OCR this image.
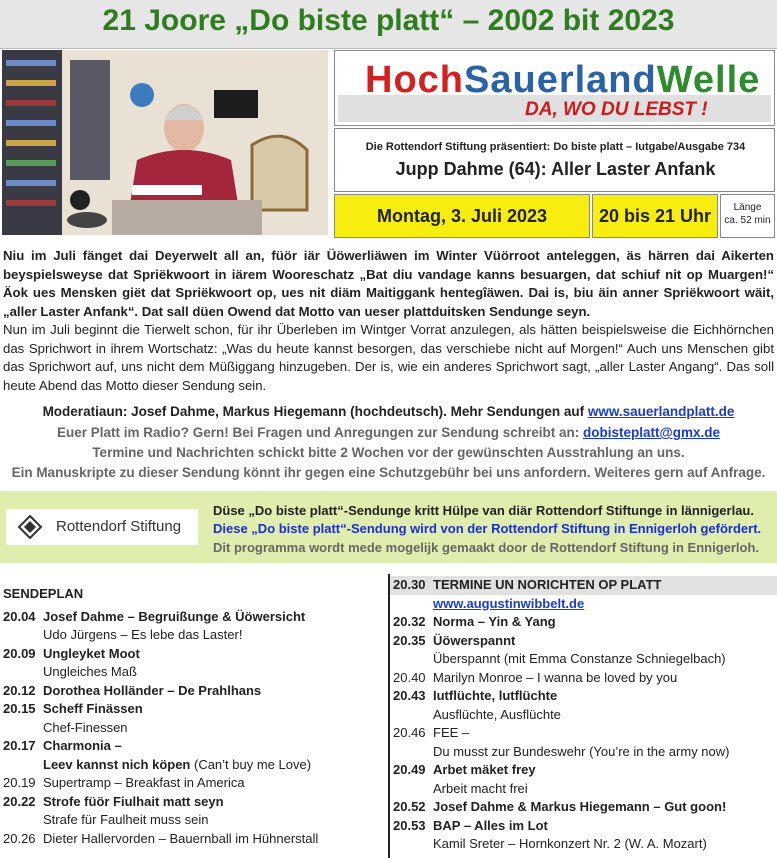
21 Joore „Do biste platt“ – 2002 bit 2023
HochSauerlandWelle
DA, WO DU LEBST !
Die Rottendorf Stiftung präsentiert: Do biste platt – Iutgabe/Ausgabe 734
Jupp Dahme (64): Aller Laster Anfank
Montag, 3. Juli 2023	20 bis 21 Uhr	Länge
ca. 52 min
Niu im Juli fänget dai Deyerwelt all an, füör iär Üöwerliäwen im Winter Vüörroot anteleggen, äs härren dai Aikerten beyspielsweyse dat Spriëkwoort in iärem Wooreschatz „Bat diu vandage kanns besuargen, dat schiuf nit op Muargen!“ Äok ues Mensken giët dat Spriëkwoort op, ues nit diäm Maitiggank hentegîäwen. Dai is, biu äin anner Spriëkwoort wäit, „aller Laster Anfank“. Dat sall düen Owend dat Motto van ueser plattduitsken Sendunge seyn.
Nun im Juli beginnt die Tierwelt schon, für ihr Überleben im Wintger Vorrat anzulegen, als hätten beispielsweise die Eichhörnchen das Sprichwort in ihrem Wortschatz: „Was du heute kannst besorgen, das verschiebe nicht auf Morgen!“ Auch uns Menschen gibt das Sprichwort auf, uns nicht dem Müßiggang hinzugeben. Der is, wie ein anderes Sprichwort sagt, „aller Laster Angang“. Das soll heute Abend das Motto dieser Sendung sein.
Moderatiaun: Josef Dahme, Markus Hiegemann (hochdeutsch). Mehr Sendungen auf www.sauerlandplatt.de
Euer Platt im Radio? Gern! Bei Fragen und Anregungen zur Sendung schreibt an: dobisteplatt@gmx.de
Termine und Nachrichten schickt bitte 2 Wochen vor der gewünschten Ausstrahlung an uns.
Ein Manuskripte zu dieser Sendung könnt ihr gegen eine Schutzgebühr bei uns anfordern. Weiteres gern auf Anfrage.
Rottendorf Stiftung
Düse „Do biste platt“-Sendunge kritt Hülpe van diär Rottendorf Stiftunge in lännigerlau.
Diese „Do biste platt“-Sendung wird von der Rottendorf Stiftung in Ennigerloh gefördert.
Dit programma wordt mede mogelijk gemaakt door de Rottendorf Stiftung in Ennigerloh.
SENDEPLAN
20.04 Josef Dahme – Begruißunge & Üöwersicht
Udo Jürgens – Es lebe das Laster!
20.09 Ungleyket Moot
Ungleiches Maß
20.12 Dorothea Holländer – De Prahlhans
20.15 Scheff Finässen
Chef-Finessen
20.17 Charmonia –
Leev kannst nich köpen (Can’t buy me Love)
20.19 Supertramp – Breakfast in America
20.22 Strofe füör Fiulhait matt seyn
Strafe für Faulheit muss sein
20.26 Dieter Hallervorden – Bauernball im Hühnerstall
20.30 TERMINE UN NORICHTEN OP PLATT
www.augustinwibbelt.de
20.32 Norma – Yin & Yang
20.35 Üöwerspannt
Überspannt (mit Emma Constanze Schniegelbach)
20.40 Marilyn Monroe – I wanna be loved by you
20.43 Iutflüchte, lutflüchte
Ausflüchte, Ausflüchte
20.46 FEE –
Du musst zur Bundeswehr (You’re in the army now)
20.49 Arbet mäket frey
Arbeit macht frei
20.52 Josef Dahme & Markus Hiegemann – Gut goon!
20.53 BAP – Alles im Lot
Kamil Sreter – Hornkonzert Nr. 2 (W. A. Mozart)
